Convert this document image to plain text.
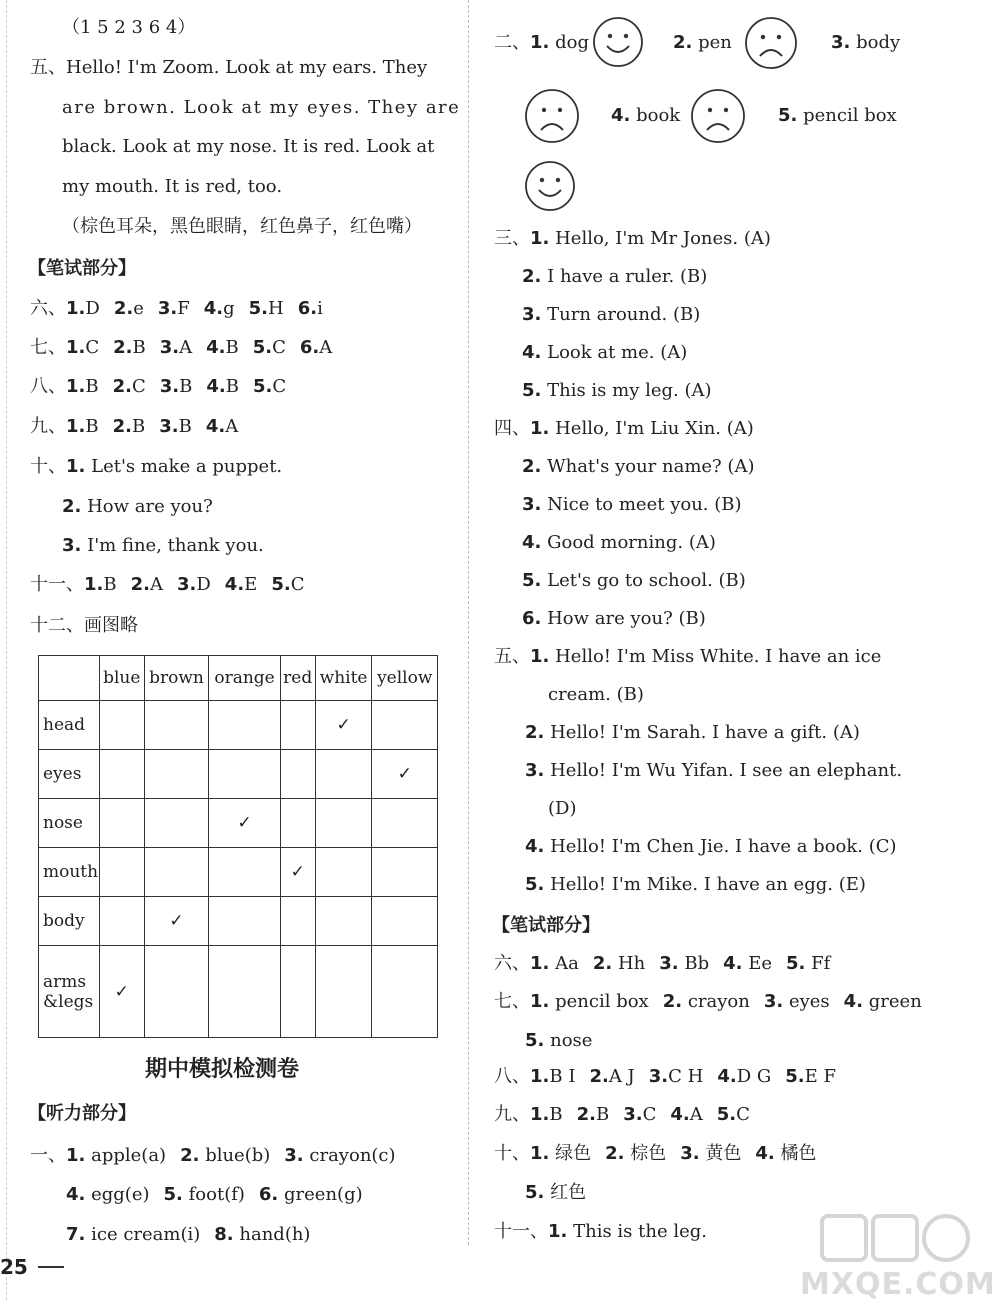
（1 5 2 3 6 4）
五、Hello! I'm Zoom. Look at my ears. They
are brown. Look at my eyes. They are
black. Look at my nose. It is red. Look at
my mouth. It is red, too.
（棕色耳朵，黑色眼睛，红色鼻子，红色嘴）
【笔试部分】
六、1.D 2.e 3.F 4.g 5.H 6.i
七、1.C 2.B 3.A 4.B 5.C 6.A
八、1.B 2.C 3.B 4.B 5.C
九、1.B 2.B 3.B 4.A
十、1. Let's make a puppet.
2. How are you?
3. I'm fine, thank you.
十一、1.B 2.A 3.D 4.E 5.C
十二、画图略
	blue	brown	orange	red	white	yellow
head					✓	
eyes						✓
nose			✓			
mouth				✓		
body		✓				
arms
&legs	✓					
期中模拟检测卷
【听力部分】
一、1. apple(a) 2. blue(b) 3. crayon(c)
4. egg(e) 5. foot(f) 6. green(g)
7. ice cream(i) 8. hand(h)
25
二、1. dog	2. pen	3. body
4. book	5. pencil box
三、1. Hello, I'm Mr Jones. (A)
2. I have a ruler. (B)
3. Turn around. (B)
4. Look at me. (A)
5. This is my leg. (A)
四、1. Hello, I'm Liu Xin. (A)
2. What's your name? (A)
3. Nice to meet you. (B)
4. Good morning. (A)
5. Let's go to school. (B)
6. How are you? (B)
五、1. Hello! I'm Miss White. I have an ice
cream. (B)
2. Hello! I'm Sarah. I have a gift. (A)
3. Hello! I'm Wu Yifan. I see an elephant.
(D)
4. Hello! I'm Chen Jie. I have a book. (C)
5. Hello! I'm Mike. I have an egg. (E)
【笔试部分】
六、1. Aa 2. Hh 3. Bb 4. Ee 5. Ff
七、1. pencil box 2. crayon 3. eyes 4. green
5. nose
八、1.B I 2.A J 3.C H 4.D G 5.E F
九、1.B 2.B 3.C 4.A 5.C
十、1. 绿色 2. 棕色 3. 黄色 4. 橘色
5. 红色
十一、1. This is the leg.
MXQE.COM
